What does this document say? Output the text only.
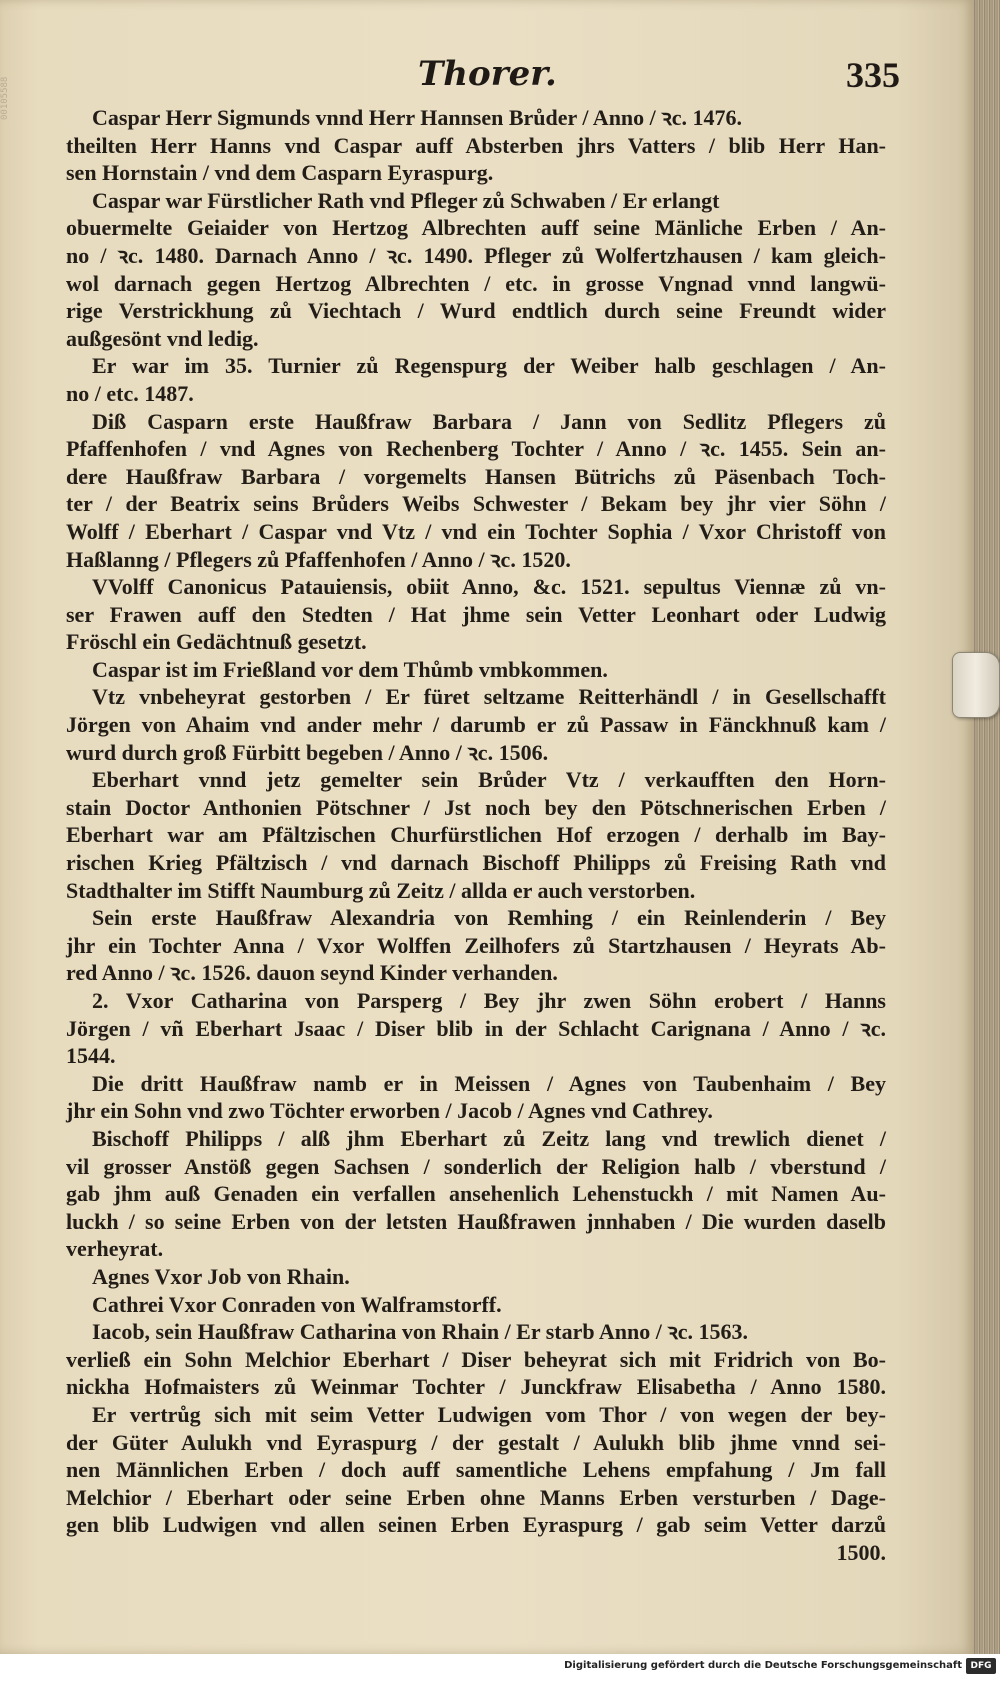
00105588
Thorer.	335
Caspar Herr Sigmunds vnnd Herr Hannsen Brůder / Anno / ꝛc. 1476.
theilten Herr Hanns vnd Caspar auff Absterben jhrs Vatters / blib Herr Han-
sen Hornstain / vnd dem Casparn Eyraspurg.
Caspar war Fürstlicher Rath vnd Pfleger zů Schwaben / Er erlangt
obuermelte Geiaider von Hertzog Albrechten auff seine Mänliche Erben / An-
no / ꝛc. 1480. Darnach Anno / ꝛc. 1490. Pfleger zů Wolfertzhausen / kam gleich-
wol darnach gegen Hertzog Albrechten / etc. in grosse Vngnad vnnd langwü-
rige Verstrickhung zů Viechtach / Wurd endtlich durch seine Freundt wider
außgesönt vnd ledig.
Er war im 35. Turnier zů Regenspurg der Weiber halb geschlagen / An-
no / etc. 1487.
Diß Casparn erste Haußfraw Barbara / Jann von Sedlitz Pflegers zů
Pfaffenhofen / vnd Agnes von Rechenberg Tochter / Anno / ꝛc. 1455. Sein an-
dere Haußfraw Barbara / vorgemelts Hansen Bütrichs zů Päsenbach Toch-
ter / der Beatrix seins Brůders Weibs Schwester / Bekam bey jhr vier Söhn /
Wolff / Eberhart / Caspar vnd Vtz / vnd ein Tochter Sophia / Vxor Christoff von
Haßlanng / Pflegers zů Pfaffenhofen / Anno / ꝛc. 1520.
VVolff Canonicus Patauiensis, obiit Anno, &c. 1521. sepultus Viennæ zů vn-
ser Frawen auff den Stedten / Hat jhme sein Vetter Leonhart oder Ludwig
Fröschl ein Gedächtnuß gesetzt.
Caspar ist im Frießland vor dem Thůmb vmbkommen.
Vtz vnbeheyrat gestorben / Er füret seltzame Reitterhändl / in Gesellschafft
Jörgen von Ahaim vnd ander mehr / darumb er zů Passaw in Fänckhnuß kam /
wurd durch groß Fürbitt begeben / Anno / ꝛc. 1506.
Eberhart vnnd jetz gemelter sein Brůder Vtz / verkaufften den Horn-
stain Doctor Anthonien Pötschner / Jst noch bey den Pötschnerischen Erben /
Eberhart war am Pfältzischen Churfürstlichen Hof erzogen / derhalb im Bay-
rischen Krieg Pfältzisch / vnd darnach Bischoff Philipps zů Freising Rath vnd
Stadthalter im Stifft Naumburg zů Zeitz / allda er auch verstorben.
Sein erste Haußfraw Alexandria von Remhing / ein Reinlenderin / Bey
jhr ein Tochter Anna / Vxor Wolffen Zeilhofers zů Startzhausen / Heyrats Ab-
red Anno / ꝛc. 1526. dauon seynd Kinder verhanden.
2. Vxor Catharina von Parsperg / Bey jhr zwen Söhn erobert / Hanns
Jörgen / vñ Eberhart Jsaac / Diser blib in der Schlacht Carignana / Anno / ꝛc.
1544.
Die dritt Haußfraw namb er in Meissen / Agnes von Taubenhaim / Bey
jhr ein Sohn vnd zwo Töchter erworben / Jacob / Agnes vnd Cathrey.
Bischoff Philipps / alß jhm Eberhart zů Zeitz lang vnd trewlich dienet /
vil grosser Anstöß gegen Sachsen / sonderlich der Religion halb / vberstund /
gab jhm auß Genaden ein verfallen ansehenlich Lehenstuckh / mit Namen Au-
luckh / so seine Erben von der letsten Haußfrawen jnnhaben / Die wurden daselb
verheyrat.
Agnes Vxor Job von Rhain.
Cathrei Vxor Conraden von Walframstorff.
Iacob, sein Haußfraw Catharina von Rhain / Er starb Anno / ꝛc. 1563.
verließ ein Sohn Melchior Eberhart / Diser beheyrat sich mit Fridrich von Bo-
nickha Hofmaisters zů Weinmar Tochter / Junckfraw Elisabetha / Anno 1580.
Er vertrůg sich mit seim Vetter Ludwigen vom Thor / von wegen der bey-
der Güter Aulukh vnd Eyraspurg / der gestalt / Aulukh blib jhme vnnd sei-
nen Männlichen Erben / doch auff samentliche Lehens empfahung / Jm fall
Melchior / Eberhart oder seine Erben ohne Manns Erben versturben / Dage-
gen blib Ludwigen vnd allen seinen Erben Eyraspurg / gab seim Vetter darzů
1500.
Digitalisierung gefördert durch die Deutsche Forschungsgemeinschaft DFG
